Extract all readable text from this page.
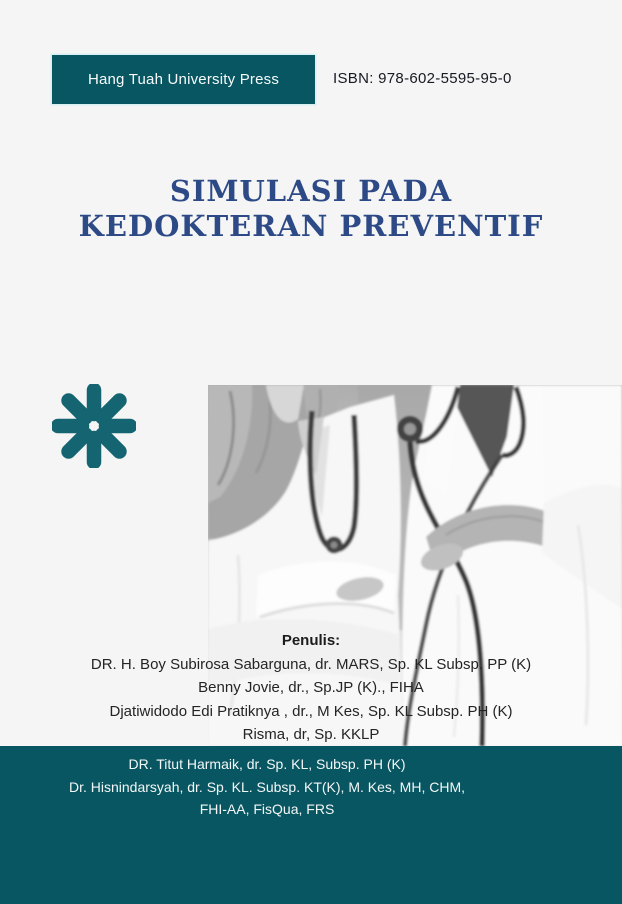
Hang Tuah University Press	ISBN: 978-602-5595-95-0
SIMULASI PADA
KEDOKTERAN PREVENTIF
Penulis:
DR. H. Boy Subirosa Sabarguna, dr. MARS, Sp. KL Subsp. PP (K)
Benny Jovie, dr., Sp.JP (K)., FIHA
Djatiwidodo Edi Pratiknya , dr., M Kes, Sp. KL Subsp. PH (K)
Risma, dr, Sp. KKLP
DR. Titut Harmaik, dr. Sp. KL, Subsp. PH (K)
Dr. Hisnindarsyah, dr. Sp. KL. Subsp. KT(K), M. Kes, MH, CHM,
FHI-AA, FisQua, FRS
